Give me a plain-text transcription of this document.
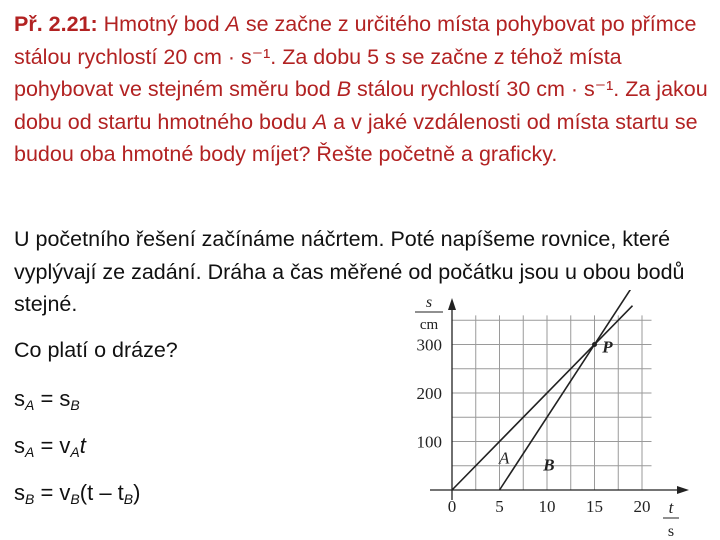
Př. 2.21: Hmotný bod A se začne z určitého místa pohybovat po přímce stálou rychlostí 20 cm · s⁻¹. Za dobu 5 s se začne z téhož místa pohybovat ve stejném směru bod B stálou rychlostí 30 cm · s⁻¹. Za jakou dobu od startu hmotného bodu A a v jaké vzdálenosti od místa startu se budou oba hmotné body míjet? Řešte početně a graficky.

U početního řešení začínáme náčrtem. Poté napíšeme rovnice, které vyplývají ze zadání. Dráha a čas měřené od počátku jsou u obou bodů stejné.

Co platí o dráze?

$s_A = s_B$

$s_A = v_At$

$s_B = v_B(t - t_B)$

100
200
300
0 5 10 15 20
s
cm
t
s
A B
P
